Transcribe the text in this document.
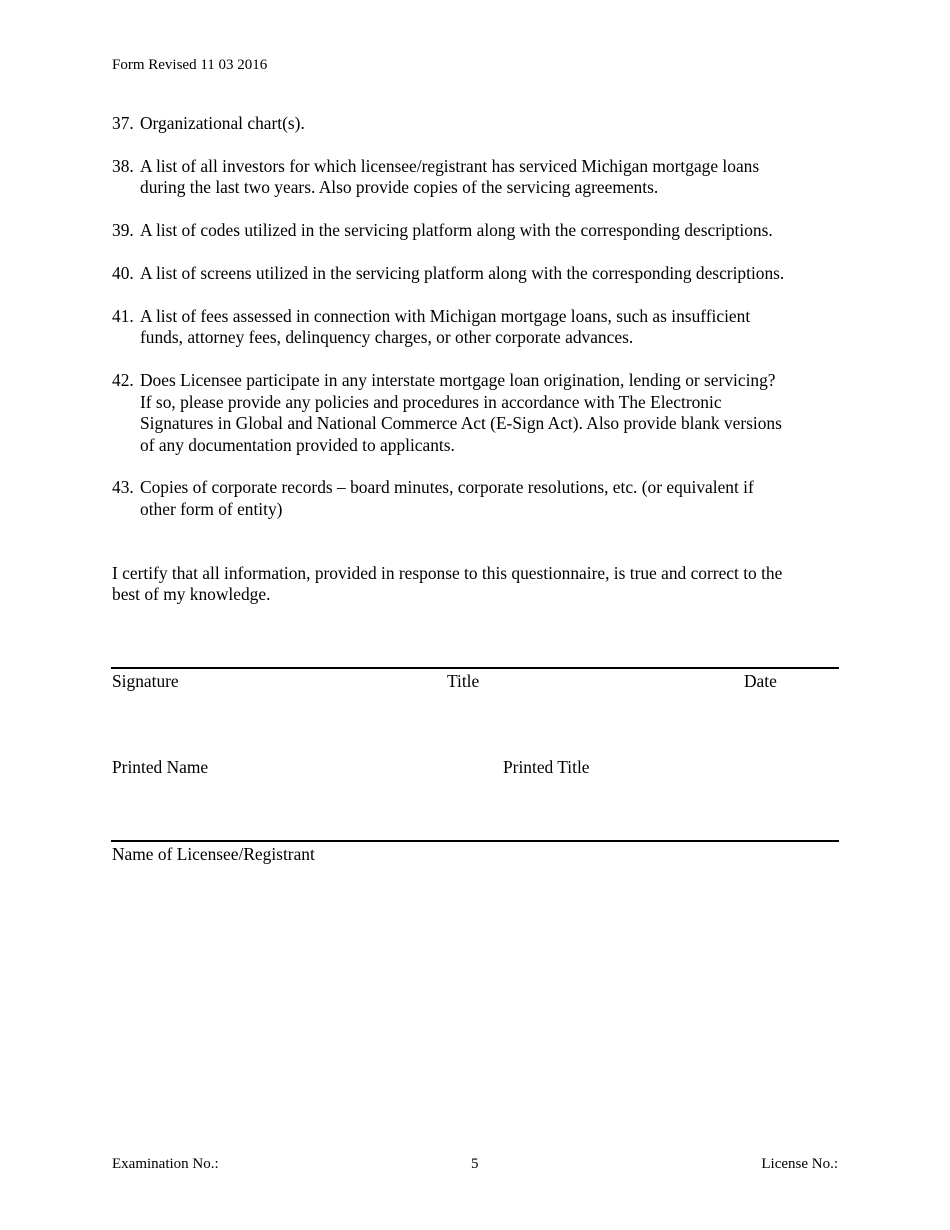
Form Revised 11 03 2016
37. Organizational chart(s).
38. A list of all investors for which licensee/registrant has serviced Michigan mortgage loans
during the last two years. Also provide copies of the servicing agreements.
39. A list of codes utilized in the servicing platform along with the corresponding descriptions.
40. A list of screens utilized in the servicing platform along with the corresponding descriptions.
41. A list of fees assessed in connection with Michigan mortgage loans, such as insufficient
funds, attorney fees, delinquency charges, or other corporate advances.
42. Does Licensee participate in any interstate mortgage loan origination, lending or servicing?
If so, please provide any policies and procedures in accordance with The Electronic
Signatures in Global and National Commerce Act (E-Sign Act). Also provide blank versions
of any documentation provided to applicants.
43. Copies of corporate records – board minutes, corporate resolutions, etc. (or equivalent if
other form of entity)
I certify that all information, provided in response to this questionnaire, is true and correct to the
best of my knowledge.
Signature	Title	Date
Printed Name	Printed Title
Name of Licensee/Registrant
Examination No.:	5	License No.:
